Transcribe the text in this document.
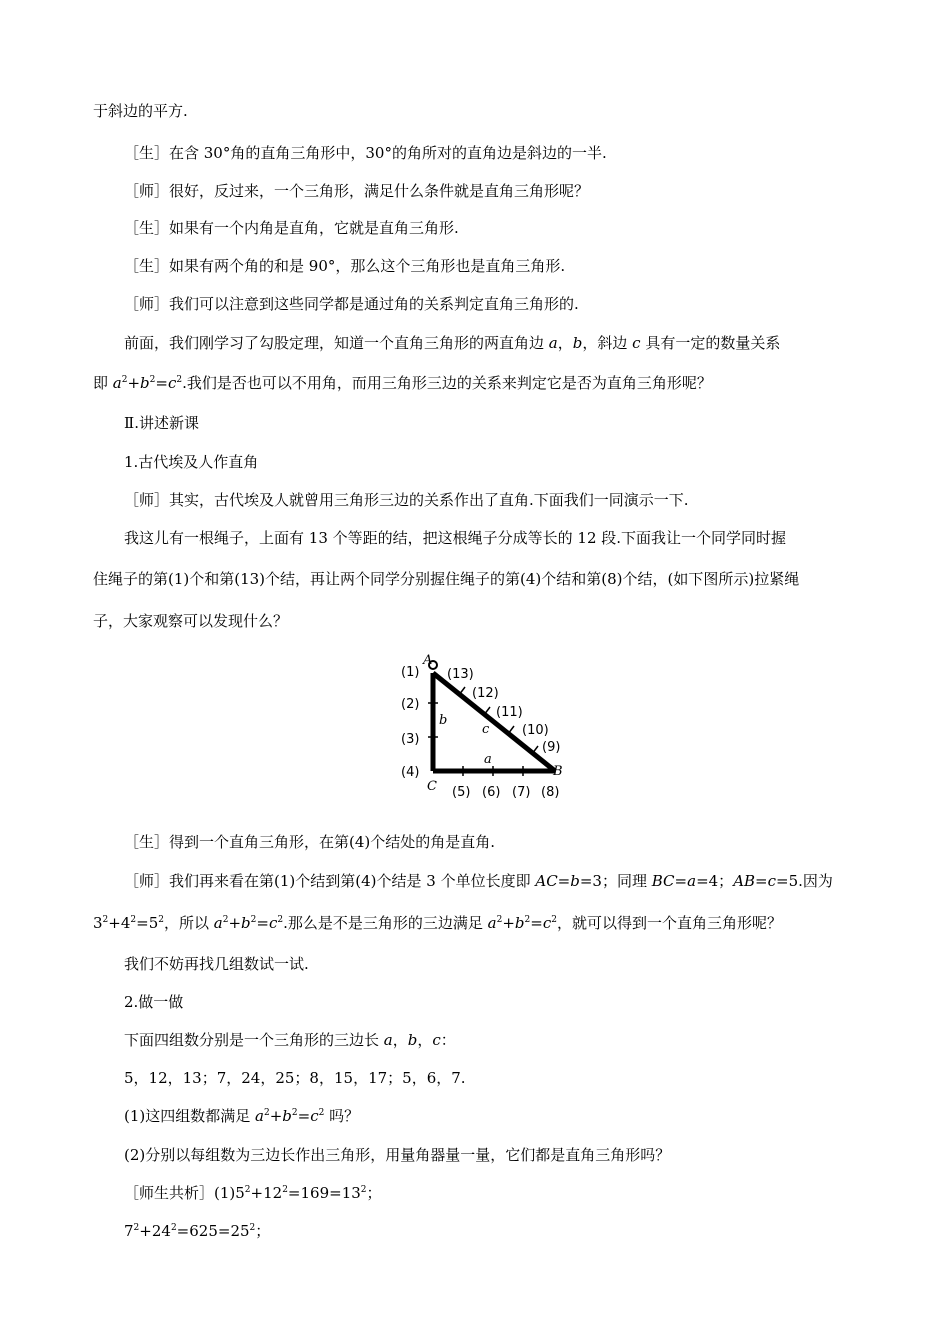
于斜边的平方.
［生］在含 30°角的直角三角形中，30°的角所对的直角边是斜边的一半.
［师］很好，反过来，一个三角形，满足什么条件就是直角三角形呢？
［生］如果有一个内角是直角，它就是直角三角形.
［生］如果有两个角的和是 90°，那么这个三角形也是直角三角形.
［师］我们可以注意到这些同学都是通过角的关系判定直角三角形的.
前面，我们刚学习了勾股定理，知道一个直角三角形的两直角边 a，b，斜边 c 具有一定的数量关系
即 $a^2+b^2=c^2$.我们是否也可以不用角，而用三角形三边的关系来判定它是否为直角三角形呢？
Ⅱ.讲述新课
1.古代埃及人作直角
［师］其实，古代埃及人就曾用三角形三边的关系作出了直角.下面我们一同演示一下.
我这儿有一根绳子，上面有 13 个等距的结，把这根绳子分成等长的 12 段.下面我让一个同学同时握
住绳子的第(1)个和第(13)个结，再让两个同学分别握住绳子的第(4)个结和第(8)个结，(如下图所示)拉紧绳
子，大家观察可以发现什么？
(1)
(2)
(3)
(4)
(5) (6) (7) (8)
(13)
(12)
(11)
(10)
(9)
A
B
C
a
b
c
［生］得到一个直角三角形，在第(4)个结处的角是直角.
［师］我们再来看在第(1)个结到第(4)个结是 3 个单位长度即 AC=b=3；同理 BC=a=4；AB=c=5.因为
$3^2+4^2=5^2$，所以 $a^2+b^2=c^2$.那么是不是三角形的三边满足 $a^2+b^2=c^2$，就可以得到一个直角三角形呢？
我们不妨再找几组数试一试.
2.做一做
下面四组数分别是一个三角形的三边长 a，b，c：
5，12，13；7，24，25；8，15，17；5，6，7.
(1)这四组数都满足 $a^2+b^2=c^2$ 吗？
(2)分别以每组数为三边长作出三角形，用量角器量一量，它们都是直角三角形吗？
［师生共析$](1)5^2+12^2=169=13^2$；
$7^2+24^2=625=25^2$；
